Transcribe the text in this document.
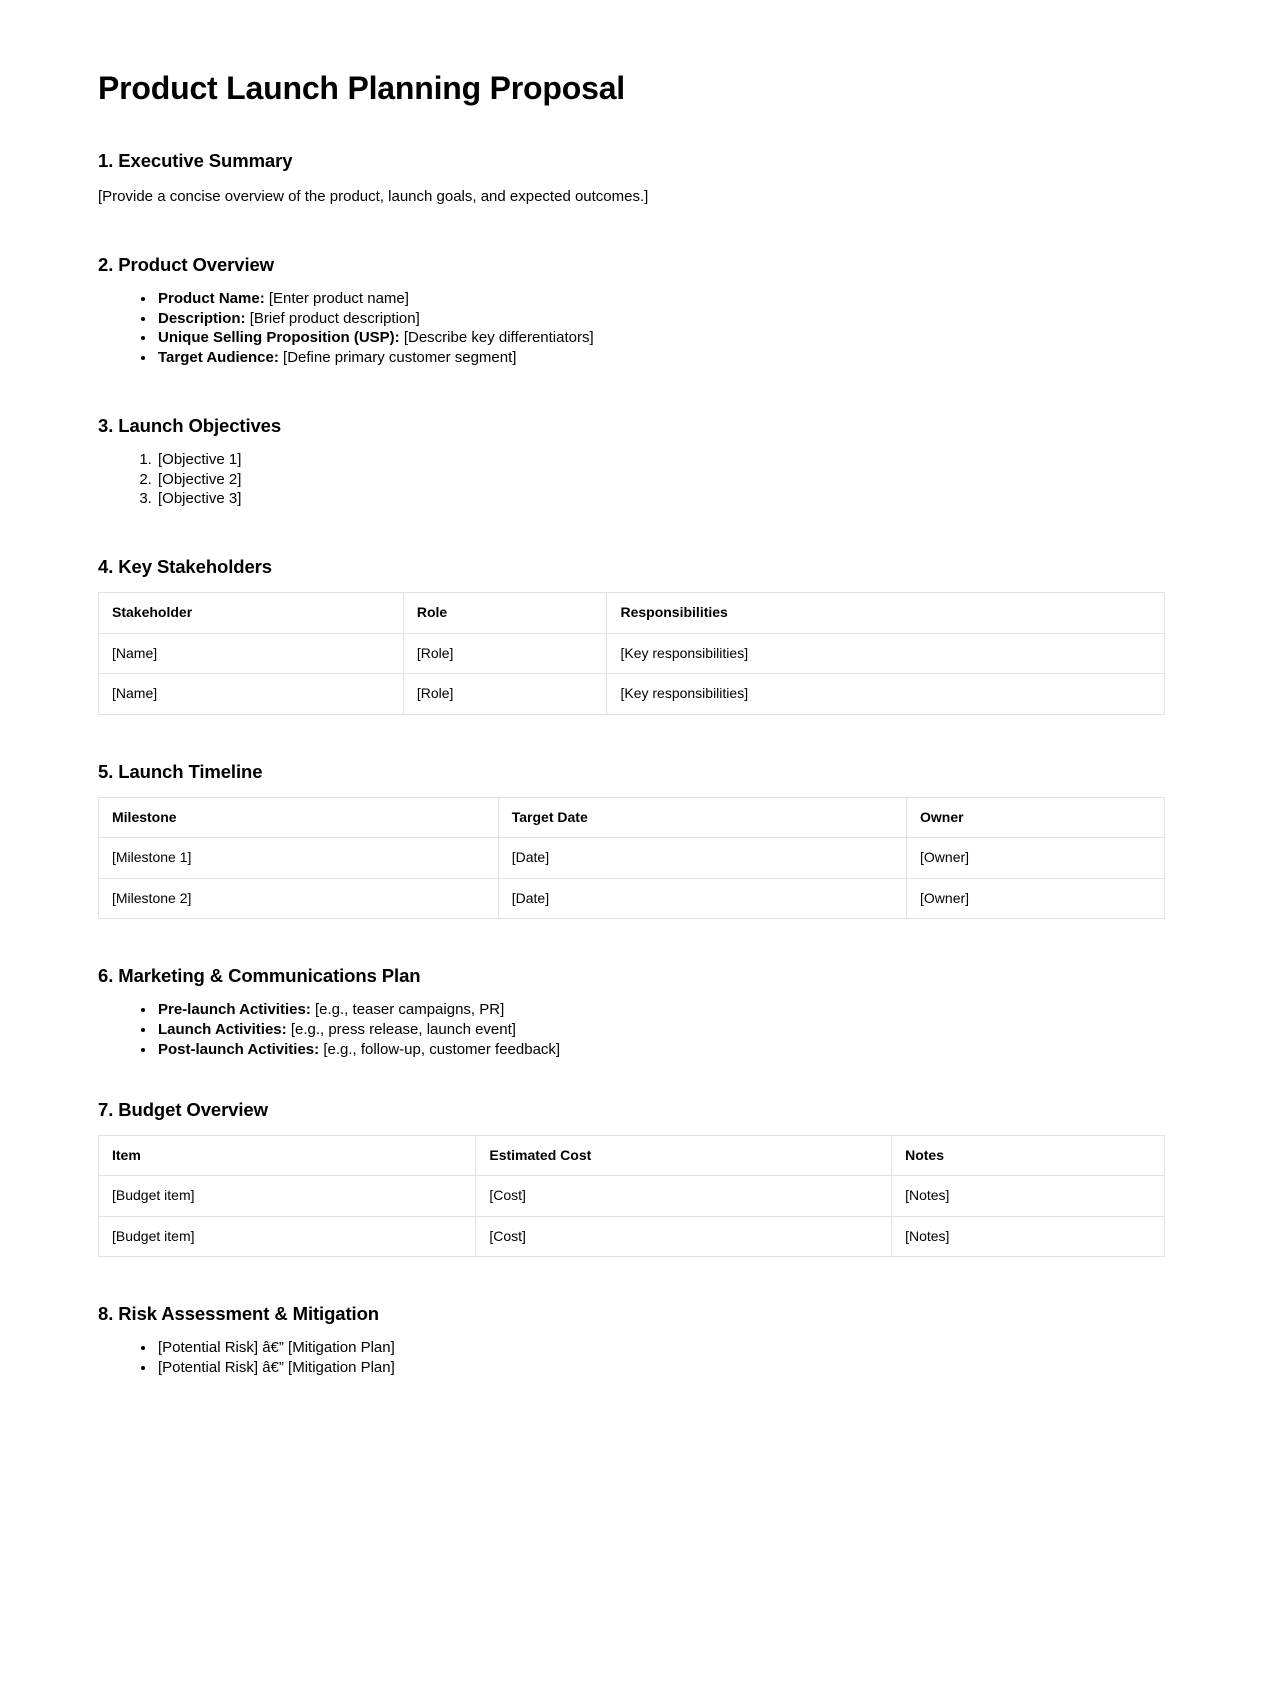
Product Launch Planning Proposal
1. Executive Summary

[Provide a concise overview of the product, launch goals, and expected outcomes.]

2. Product Overview
• Product Name: [Enter product name]
• Description: [Brief product description]
• Unique Selling Proposition (USP): [Describe key differentiators]
• Target Audience: [Define primary customer segment]
3. Launch Objectives
1. [Objective 1]
2. [Objective 2]
3. [Objective 3]
4. Key Stakeholders
Stakeholder	Role	Responsibilities
[Name]	[Role]	[Key responsibilities]
[Name]	[Role]	[Key responsibilities]
5. Launch Timeline
Milestone	Target Date	Owner
[Milestone 1]	[Date]	[Owner]
[Milestone 2]	[Date]	[Owner]
6. Marketing & Communications Plan
• Pre-launch Activities: [e.g., teaser campaigns, PR]
• Launch Activities: [e.g., press release, launch event]
• Post-launch Activities: [e.g., follow-up, customer feedback]
7. Budget Overview
Item	Estimated Cost	Notes
[Budget item]	[Cost]	[Notes]
[Budget item]	[Cost]	[Notes]
8. Risk Assessment & Mitigation
• [Potential Risk] â€” [Mitigation Plan]
• [Potential Risk] â€” [Mitigation Plan]
